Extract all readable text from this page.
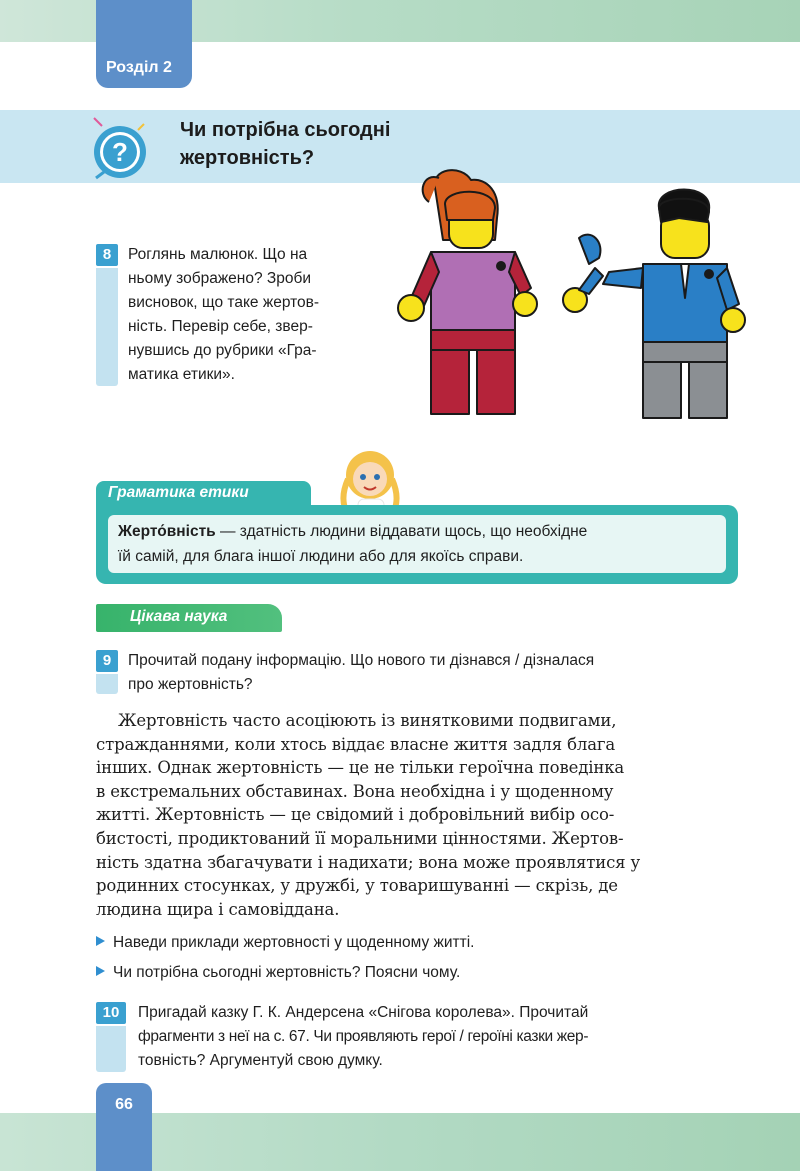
Розділ 2
?
Чи потрібна сьогодні
жертовність?
8	Роглянь малюнок. Що на
ньому зображено? Зроби
висновок, що таке жертов-
ність. Перевір себе, звер-
нувшись до рубрики «Гра-
матика етики».
Граматика етики
Жерто́вність — здатність людини віддавати щось, що необхідне
їй самій, для блага іншої людини або для якоїсь справи.
Цікава наука
9	Прочитай подану інформацію. Що нового ти дізнався / дізналася
про жертовність?
Жертовність часто асоціюють із винятковими подвигами,
стражданнями, коли хтось віддає власне життя задля блага
інших. Однак жертовність — це не тільки героїчна поведінка
в екстремальних обставинах. Вона необхідна і у щоденному
житті. Жертовність — це свідомий і добровільний вибір осо-
бистості, продиктований її моральними цінностями. Жертов-
ність здатна збагачувати і надихати; вона може проявлятися у
родинних стосунках, у дружбі, у товаришуванні — скрізь, де
людина щира і самовіддана.
Наведи приклади жертовності у щоденному житті.
Чи потрібна сьогодні жертовність? Поясни чому.
10	Пригадай казку Г. К. Андерсена «Снігова королева». Прочитай
фрагменти з неї на с. 67. Чи проявляють герої / героїні казки жер-
товність? Аргументуй свою думку.
66
